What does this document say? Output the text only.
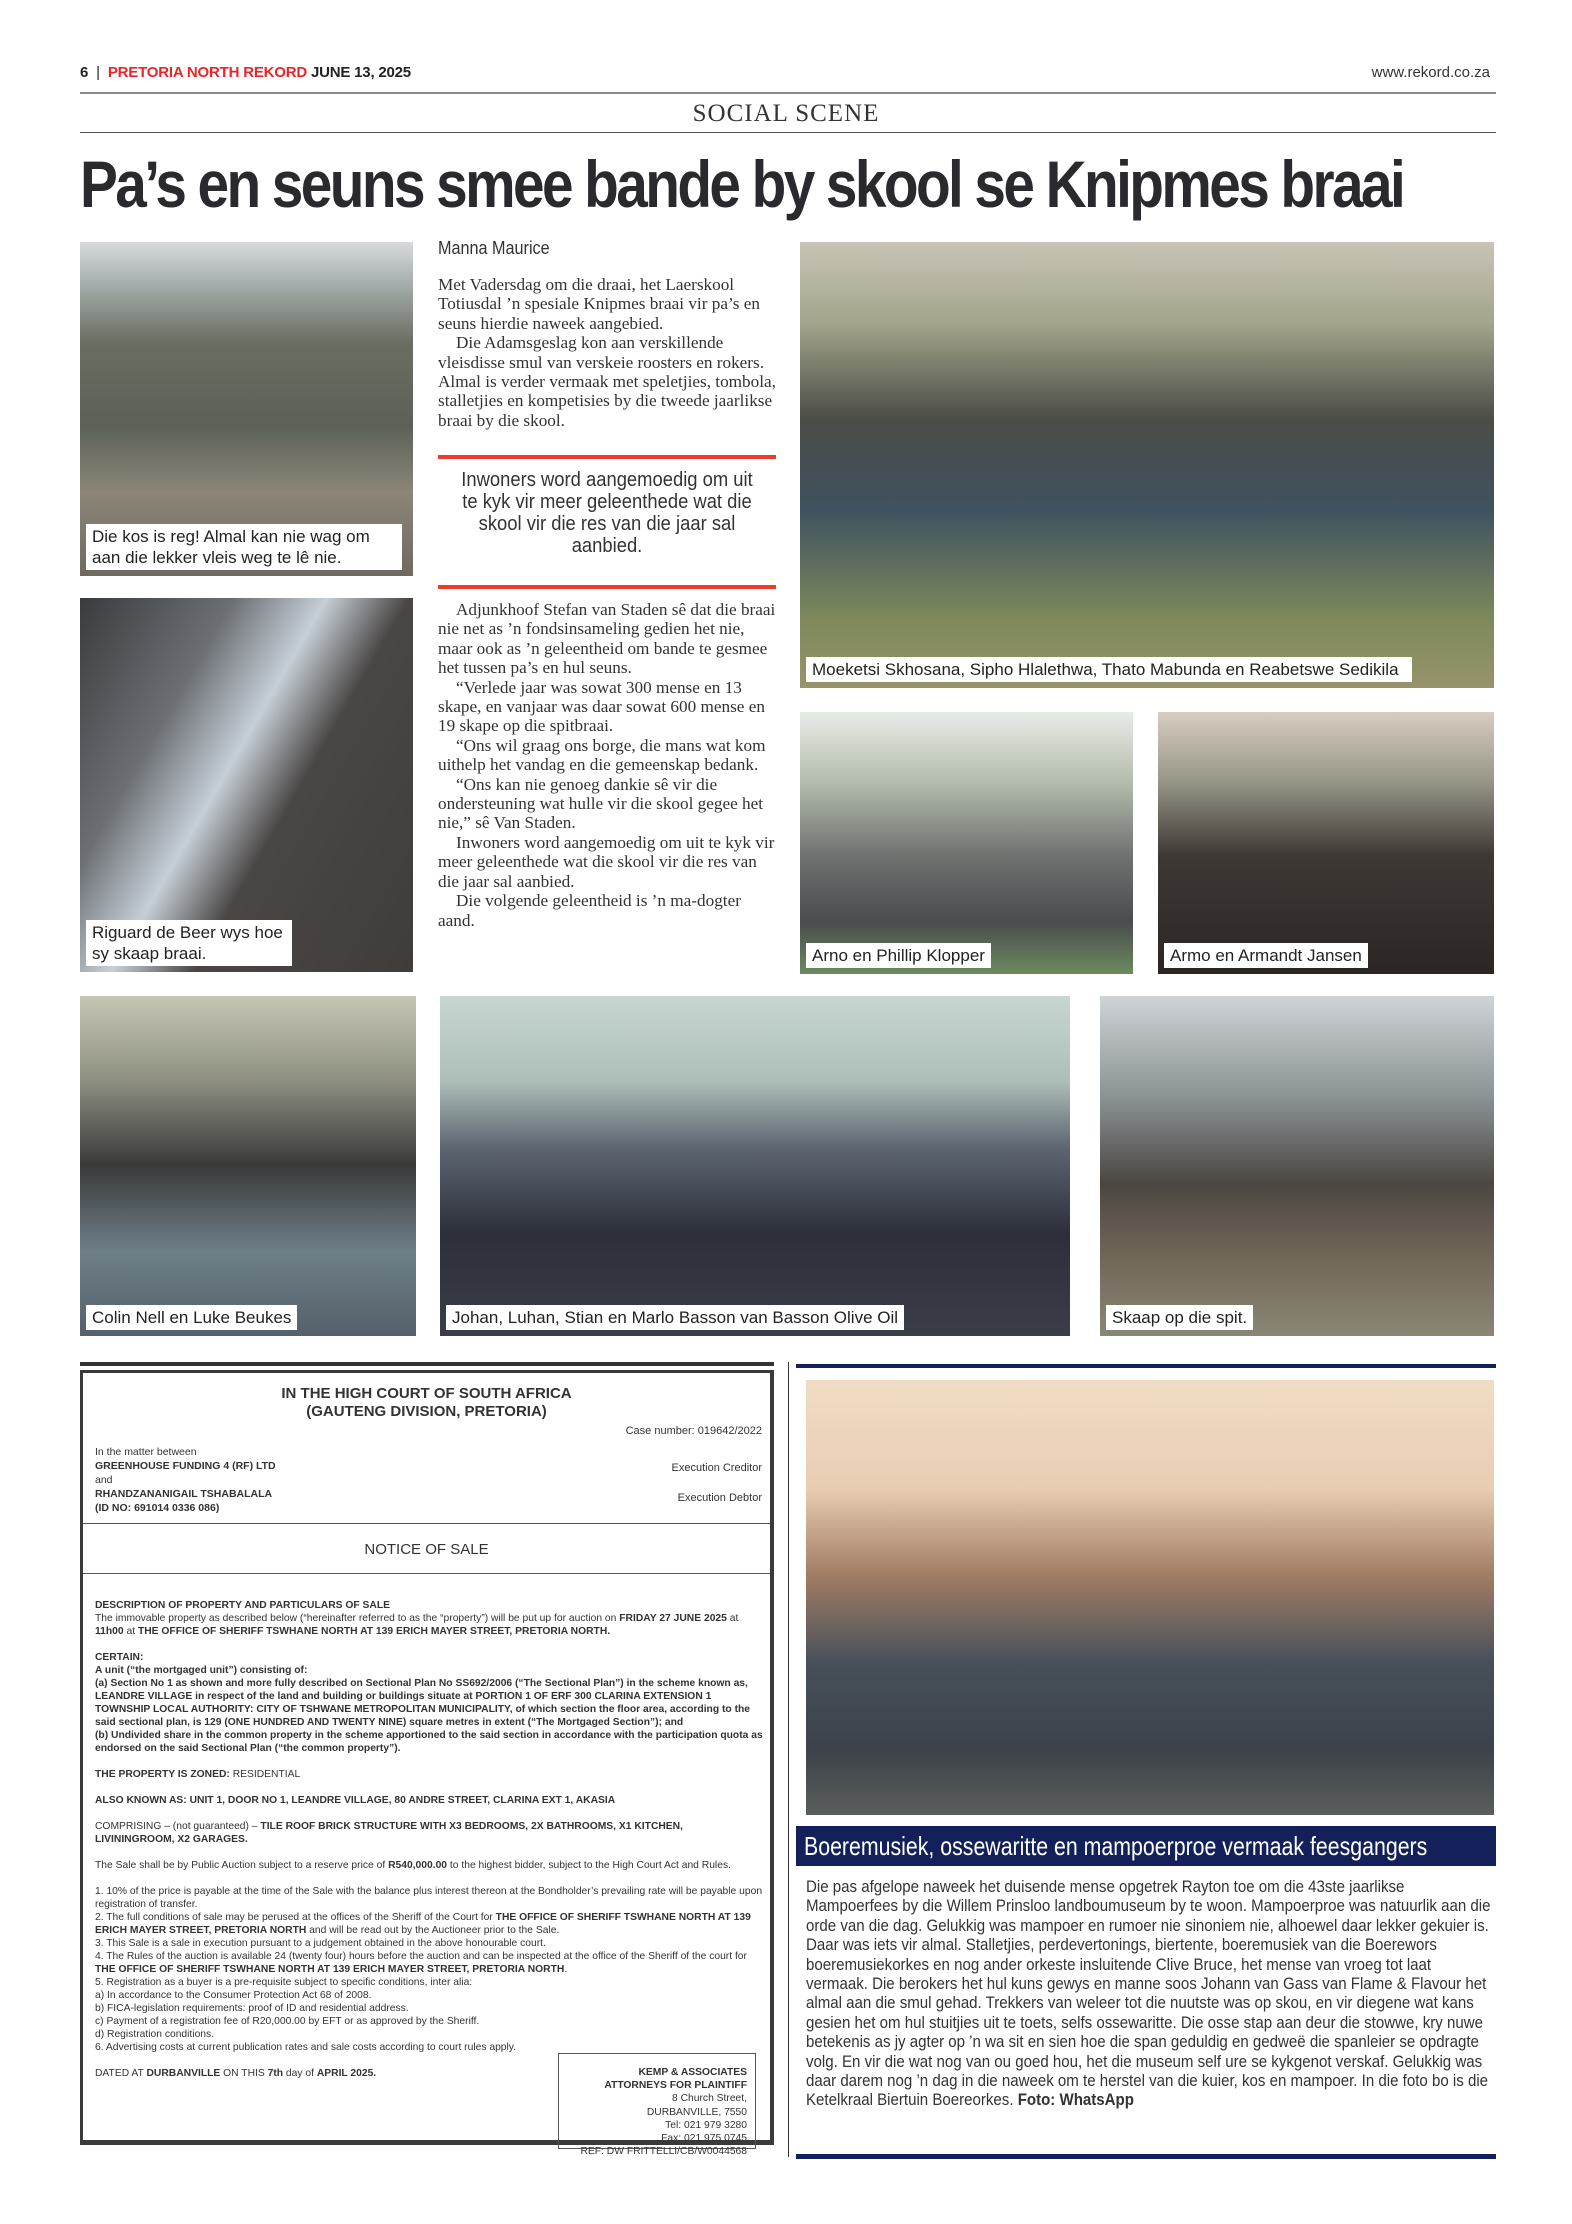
6 | PRETORIA NORTH REKORD JUNE 13, 2025	www.rekord.co.za
SOCIAL SCENE
Pa’s en seuns smee bande by skool se Knipmes braai
Die kos is reg! Almal kan nie wag om aan die lekker vleis weg te lê nie.
Riguard de Beer wys hoe sy skaap braai.
Moeketsi Skhosana, Sipho Hlalethwa, Thato Mabunda en Reabetswe Sedikila
Arno en Phillip Klopper	Armo en Armandt Jansen
Colin Nell en Luke Beukes	Johan, Luhan, Stian en Marlo Basson van Basson Olive Oil	Skaap op die spit.
Manna Maurice

Met Vadersdag om die draai, het Laerskool Totiusdal ’n spesiale Knipmes braai vir pa’s en seuns hierdie naweek aangebied.

Die Adamsgeslag kon aan verskillende vleisdisse smul van verskeie roosters en rokers. Almal is verder vermaak met speletjies, tombola, stalletjies en kompetisies by die tweede jaarlikse braai by die skool.

Inwoners word aangemoedig om uit te kyk vir meer geleenthede wat die skool vir die res van die jaar sal aanbied.

Adjunkhoof Stefan van Staden sê dat die braai nie net as ’n fondsinsameling gedien het nie, maar ook as ’n geleentheid om bande te gesmee het tussen pa’s en hul seuns.

“Verlede jaar was sowat 300 mense en 13 skape, en vanjaar was daar sowat 600 mense en 19 skape op die spitbraai.

“Ons wil graag ons borge, die mans wat kom uithelp het vandag en die gemeenskap bedank.

“Ons kan nie genoeg dankie sê vir die ondersteuning wat hulle vir die skool gegee het nie,” sê Van Staden.

Inwoners word aangemoedig om uit te kyk vir meer geleenthede wat die skool vir die res van die jaar sal aanbied.

Die volgende geleentheid is ’n ma-dogter aand.

IN THE HIGH COURT OF SOUTH AFRICA
(GAUTENG DIVISION, PRETORIA)
Case number: 019642/2022
In the matter between
GREENHOUSE FUNDING 4 (RF) LTD
and
RHANDZANANIGAIL TSHABALALA
(ID NO: 691014 0336 086)
Execution Creditor
Execution Debtor
NOTICE OF SALE

DESCRIPTION OF PROPERTY AND PARTICULARS OF SALE
The immovable property as described below (“hereinafter referred to as the “property”) will be put up for auction on FRIDAY 27 JUNE 2025 at 11h00 at THE OFFICE OF SHERIFF TSWHANE NORTH AT 139 ERICH MAYER STREET, PRETORIA NORTH.

CERTAIN:
A unit (“the mortgaged unit”) consisting of:
(a) Section No 1 as shown and more fully described on Sectional Plan No SS692/2006 (“The Sectional Plan”) in the scheme known as, LEANDRE VILLAGE in respect of the land and building or buildings situate at PORTION 1 OF ERF 300 CLARINA EXTENSION 1 TOWNSHIP LOCAL AUTHORITY: CITY OF TSHWANE METROPOLITAN MUNICIPALITY, of which section the floor area, according to the said sectional plan, is 129 (ONE HUNDRED AND TWENTY NINE) square metres in extent (“The Mortgaged Section”); and
(b) Undivided share in the common property in the scheme apportioned to the said section in accordance with the participation quota as endorsed on the said Sectional Plan (“the common property”).

THE PROPERTY IS ZONED: RESIDENTIAL

ALSO KNOWN AS: UNIT 1, DOOR NO 1, LEANDRE VILLAGE, 80 ANDRE STREET, CLARINA EXT 1, AKASIA

COMPRISING – (not guaranteed) – TILE ROOF BRICK STRUCTURE WITH X3 BEDROOMS, 2X BATHROOMS, X1 KITCHEN, LIVININGROOM, X2 GARAGES.

The Sale shall be by Public Auction subject to a reserve price of R540,000.00 to the highest bidder, subject to the High Court Act and Rules.

1. 10% of the price is payable at the time of the Sale with the balance plus interest thereon at the Bondholder’s prevailing rate will be payable upon registration of transfer.

2. The full conditions of sale may be perused at the offices of the Sheriff of the Court for THE OFFICE OF SHERIFF TSWHANE NORTH AT 139 ERICH MAYER STREET, PRETORIA NORTH and will be read out by the Auctioneer prior to the Sale.

3. This Sale is a sale in execution pursuant to a judgement obtained in the above honourable court.

4. The Rules of the auction is available 24 (twenty four) hours before the auction and can be inspected at the office of the Sheriff of the court for THE OFFICE OF SHERIFF TSWHANE NORTH AT 139 ERICH MAYER STREET, PRETORIA NORTH.

5. Registration as a buyer is a pre-requisite subject to specific conditions, inter alia:

a) In accordance to the Consumer Protection Act 68 of 2008.

b) FICA-legislation requirements: proof of ID and residential address.

c) Payment of a registration fee of R20,000.00 by EFT or as approved by the Sheriff.

d) Registration conditions.

6. Advertising costs at current publication rates and sale costs according to court rules apply.

DATED AT DURBANVILLE ON THIS 7th day of APRIL 2025.	KEMP & ASSOCIATES
ATTORNEYS FOR PLAINTIFF
8 Church Street,
DURBANVILLE, 7550
Tel: 021 979 3280
Fax: 021 975 0745
REF: DW FRITTELLI/CB/W0044568
Boeremusiek, ossewaritte en mampoerproe vermaak feesgangers
Die pas afgelope naweek het duisende mense opgetrek Rayton toe om die 43ste jaarlikse Mampoerfees by die Willem Prinsloo landboumuseum by te woon. Mampoerproe was natuurlik aan die orde van die dag. Gelukkig was mampoer en rumoer nie sinoniem nie, alhoewel daar lekker gekuier is. Daar was iets vir almal. Stalletjies, perdevertonings, biertente, boeremusiek van die Boerewors boeremusiekorkes en nog ander orkeste insluitende Clive Bruce, het mense van vroeg tot laat vermaak. Die berokers het hul kuns gewys en manne soos Johann van Gass van Flame & Flavour het almal aan die smul gehad. Trekkers van weleer tot die nuutste was op skou, en vir diegene wat kans gesien het om hul stuitjies uit te toets, selfs ossewaritte. Die osse stap aan deur die stowwe, kry nuwe betekenis as jy agter op ’n wa sit en sien hoe die span geduldig en gedweë die spanleier se opdragte volg. En vir die wat nog van ou goed hou, het die museum self ure se kykgenot verskaf. Gelukkig was daar darem nog ’n dag in die naweek om te herstel van die kuier, kos en mampoer. In die foto bo is die Ketelkraal Biertuin Boereorkes. Foto: WhatsApp
